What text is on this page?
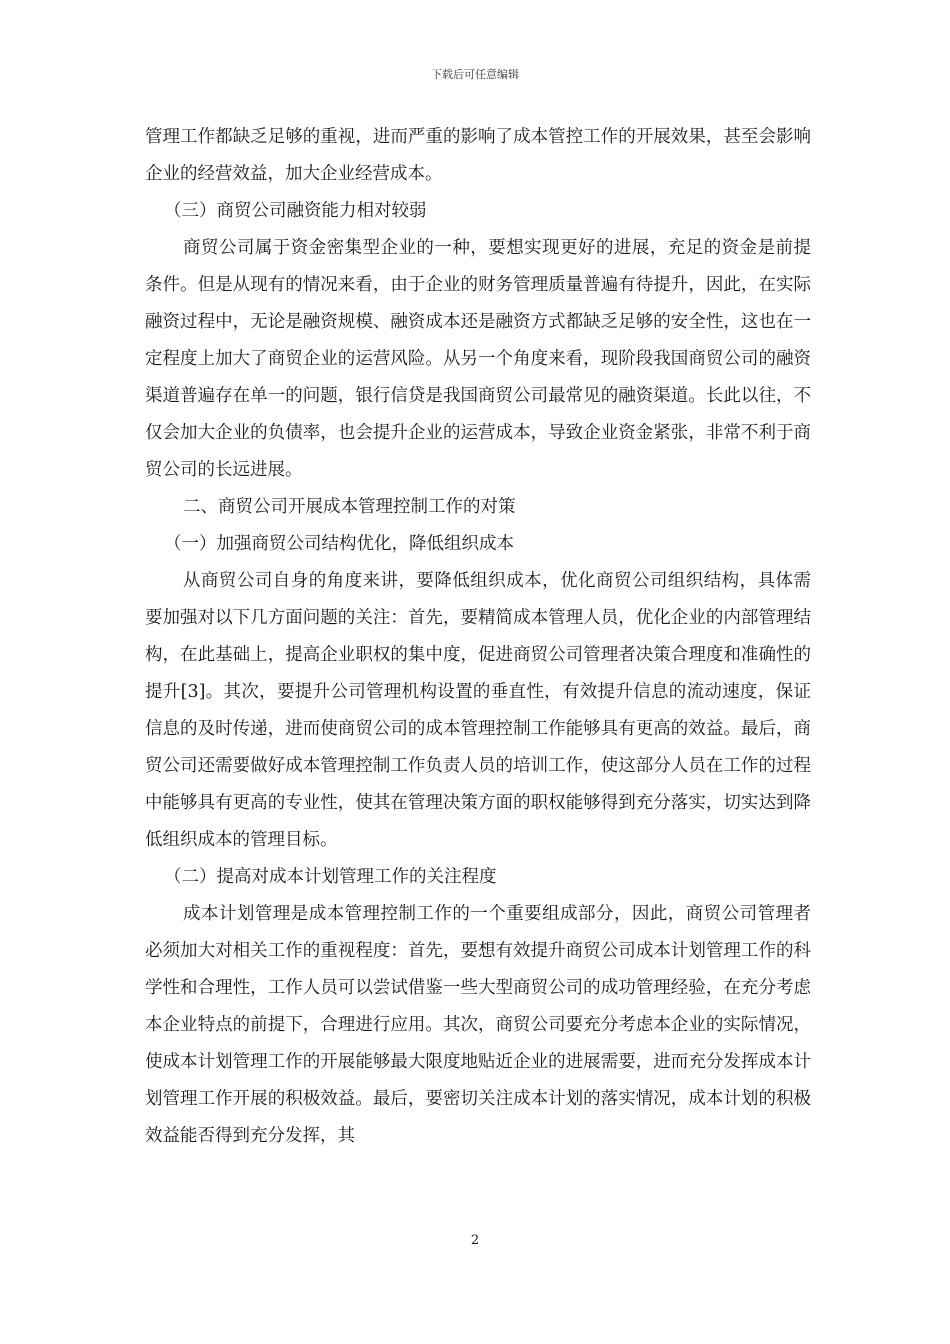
下载后可任意编辑

管理工作都缺乏足够的重视，进而严重的影响了成本管控工作的开展效果，甚至会影响企业的经营效益，加大企业经营成本。

（三）商贸公司融资能力相对较弱

商贸公司属于资金密集型企业的一种，要想实现更好的进展，充足的资金是前提条件。但是从现有的情况来看，由于企业的财务管理质量普遍有待提升，因此，在实际融资过程中，无论是融资规模、融资成本还是融资方式都缺乏足够的安全性，这也在一定程度上加大了商贸企业的运营风险。从另一个角度来看，现阶段我国商贸公司的融资渠道普遍存在单一的问题，银行信贷是我国商贸公司最常见的融资渠道。长此以往，不仅会加大企业的负债率，也会提升企业的运营成本，导致企业资金紧张，非常不利于商贸公司的长远进展。

二、商贸公司开展成本管理控制工作的对策

（一）加强商贸公司结构优化，降低组织成本

从商贸公司自身的角度来讲，要降低组织成本，优化商贸公司组织结构，具体需要加强对以下几方面问题的关注：首先，要精简成本管理人员，优化企业的内部管理结构，在此基础上，提高企业职权的集中度，促进商贸公司管理者决策合理度和准确性的提升[3]。其次，要提升公司管理机构设置的垂直性，有效提升信息的流动速度，保证信息的及时传递，进而使商贸公司的成本管理控制工作能够具有更高的效益。最后，商贸公司还需要做好成本管理控制工作负责人员的培训工作，使这部分人员在工作的过程中能够具有更高的专业性，使其在管理决策方面的职权能够得到充分落实，切实达到降低组织成本的管理目标。

（二）提高对成本计划管理工作的关注程度

成本计划管理是成本管理控制工作的一个重要组成部分，因此，商贸公司管理者必须加大对相关工作的重视程度：首先，要想有效提升商贸公司成本计划管理工作的科学性和合理性，工作人员可以尝试借鉴一些大型商贸公司的成功管理经验，在充分考虑本企业特点的前提下，合理进行应用。其次，商贸公司要充分考虑本企业的实际情况，使成本计划管理工作的开展能够最大限度地贴近企业的进展需要，进而充分发挥成本计划管理工作开展的积极效益。最后，要密切关注成本计划的落实情况，成本计划的积极效益能否得到充分发挥，其

2
